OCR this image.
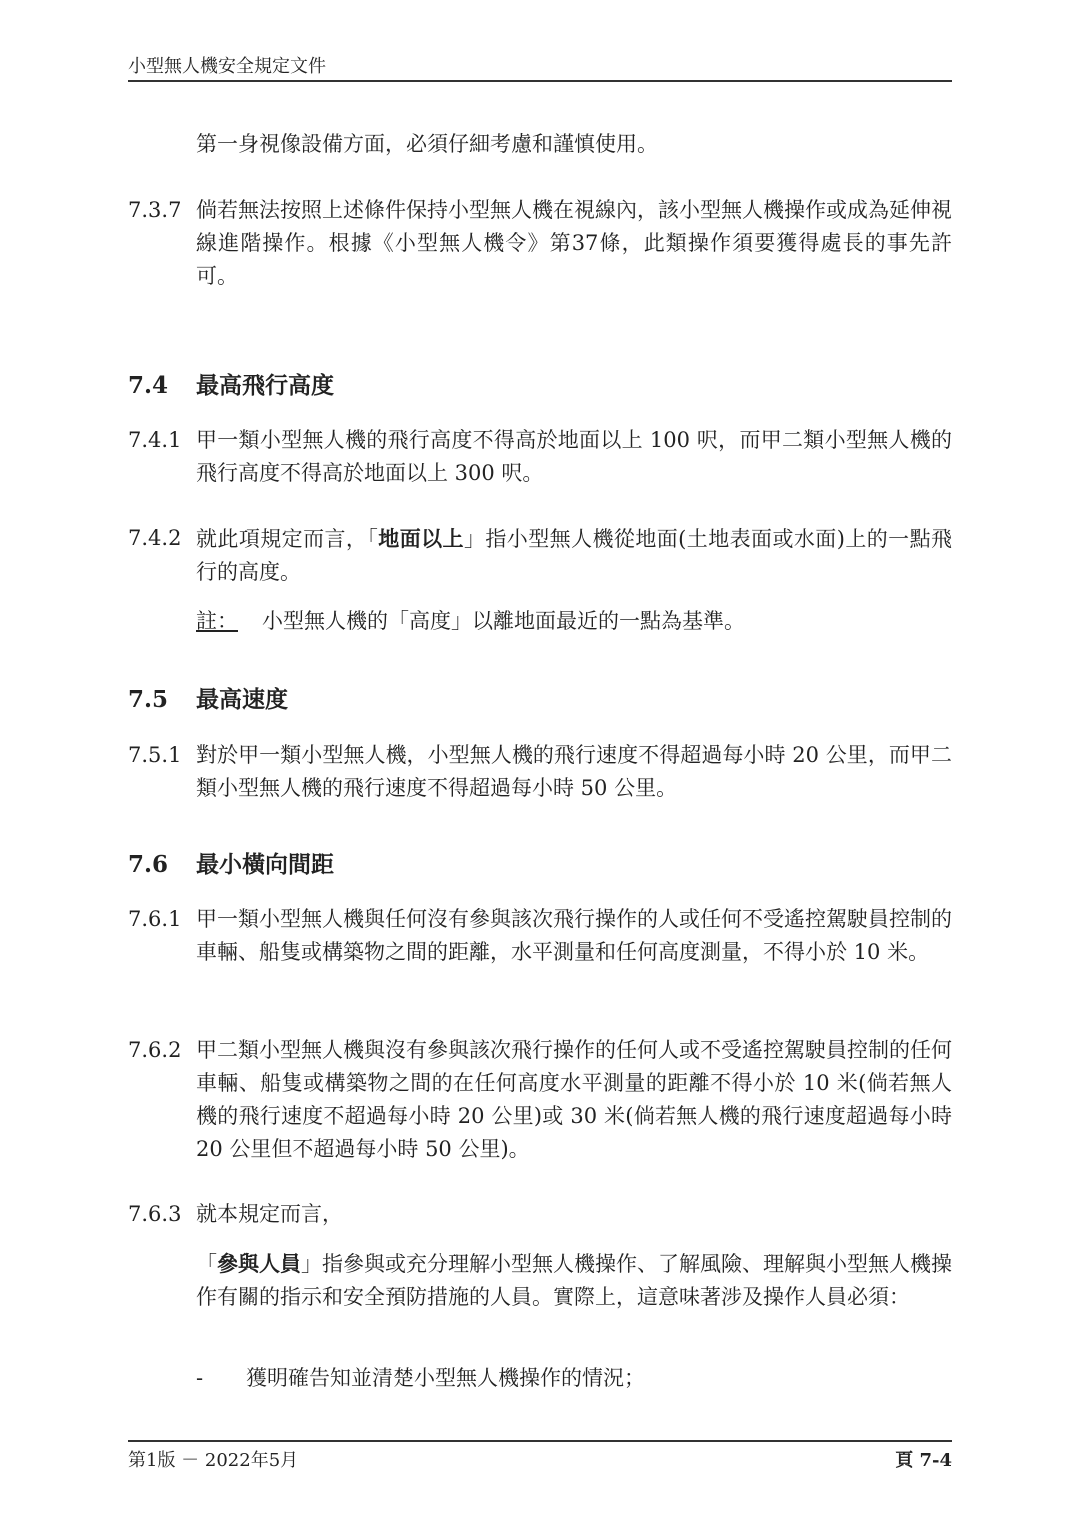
小型無人機安全規定文件
第一身視像設備方面，必須仔細考慮和謹慎使用。
7.3.7 倘若無法按照上述條件保持小型無人機在視線內，該小型無人機操作或成為延伸視線進階操作。根據《小型無人機令》第37條，此類操作須要獲得處長的事先許可。
7.4 最高飛行高度
7.4.1 甲一類小型無人機的飛行高度不得高於地面以上 100 呎，而甲二類小型無人機的飛行高度不得高於地面以上 300 呎。
7.4.2 就此項規定而言，「地面以上」指小型無人機從地面(土地表面或水面)上的一點飛行的高度。
註： 小型無人機的「高度」以離地面最近的一點為基準。
7.5 最高速度
7.5.1 對於甲一類小型無人機，小型無人機的飛行速度不得超過每小時 20 公里，而甲二類小型無人機的飛行速度不得超過每小時 50 公里。
7.6 最小橫向間距
7.6.1 甲一類小型無人機與任何沒有參與該次飛行操作的人或任何不受遙控駕駛員控制的車輛、船隻或構築物之間的距離，水平測量和任何高度測量，不得小於 10 米。
7.6.2 甲二類小型無人機與沒有參與該次飛行操作的任何人或不受遙控駕駛員控制的任何車輛、船隻或構築物之間的在任何高度水平測量的距離不得小於 10 米(倘若無人機的飛行速度不超過每小時 20 公里)或 30 米(倘若無人機的飛行速度超過每小時 20 公里但不超過每小時 50 公里)。
7.6.3 就本規定而言，
「參與人員」指參與或充分理解小型無人機操作、了解風險、理解與小型無人機操作有關的指示和安全預防措施的人員。實際上，這意味著涉及操作人員必須：
- 獲明確告知並清楚小型無人機操作的情況；
第1版 － 2022年5月	頁 7-4
